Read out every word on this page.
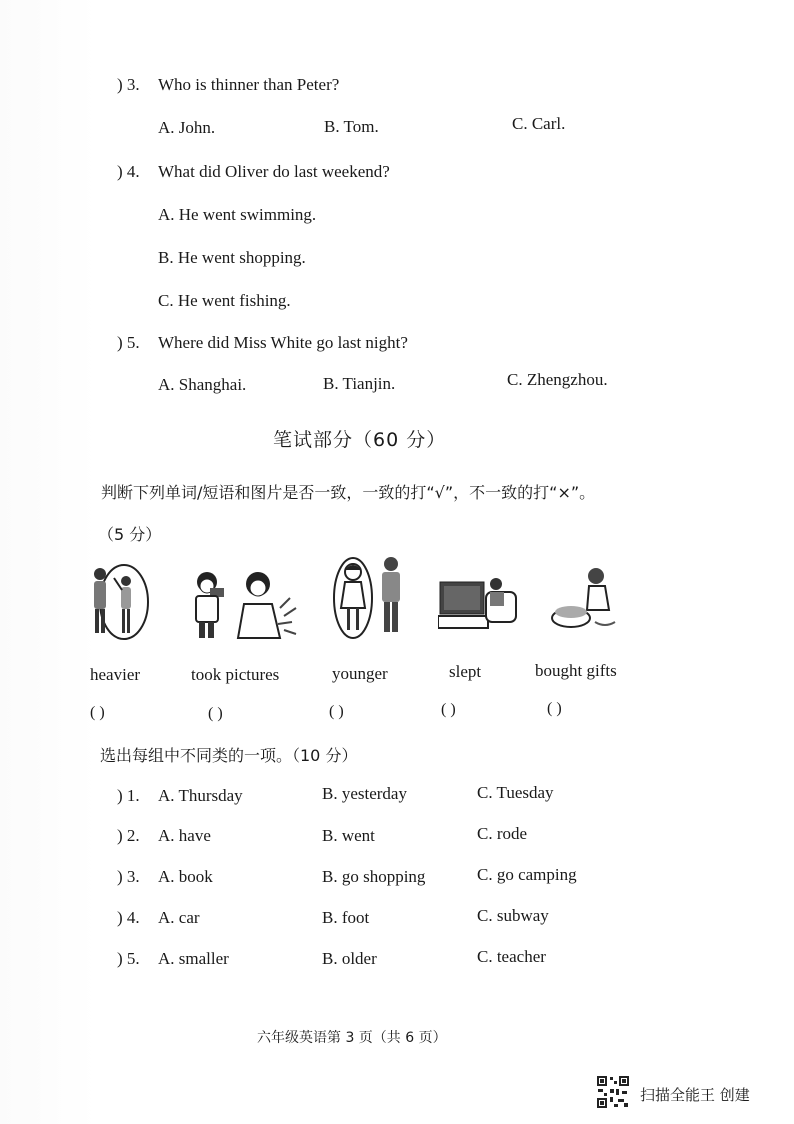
) 3. Who is thinner than Peter?
A. John.	B. Tom.	C. Carl.
) 4. What did Oliver do last weekend?
A. He went swimming.
B. He went shopping.
C. He went fishing.
) 5. Where did Miss White go last night?
A. Shanghai.	B. Tianjin.	C. Zhengzhou.
笔试部分（60 分）
判断下列单词/短语和图片是否一致，一致的打“√”，不一致的打“×”。
（5 分）
heavier	took pictures	younger	slept	bought gifts
( )	( )	( )	( )	( )
选出每组中不同类的一项。（10 分）
) 1. A. Thursday	B. yesterday	C. Tuesday
) 2. A. have	B. went	C. rode
) 3. A. book	B. go shopping	C. go camping
) 4. A. car	B. foot	C. subway
) 5. A. smaller	B. older	C. teacher
六年级英语第 3 页（共 6 页）
扫描全能王 创建
